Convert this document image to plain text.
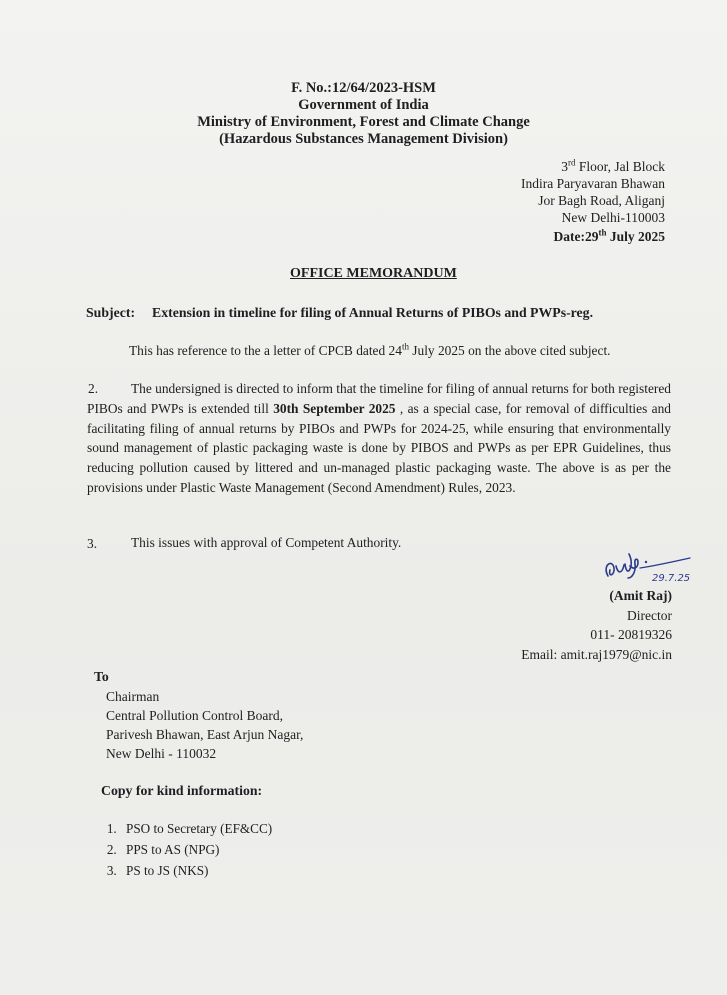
F. No.:12/64/2023-HSM
Government of India
Ministry of Environment, Forest and Climate Change
(Hazardous Substances Management Division)
3rd Floor, Jal Block
Indira Paryavaran Bhawan
Jor Bagh Road, Aliganj
New Delhi-110003
Date:29th July 2025
OFFICE MEMORANDUM
Subject: Extension in timeline for filing of Annual Returns of PIBOs and PWPs-reg.
This has reference to the a letter of CPCB dated 24th July 2025 on the above cited subject.
2. The undersigned is directed to inform that the timeline for filing of annual returns for both registered PIBOs and PWPs is extended till 30th September 2025 , as a special case, for removal of difficulties and facilitating filing of annual returns by PIBOs and PWPs for 2024-25, while ensuring that environmentally sound management of plastic packaging waste is done by PIBOS and PWPs as per EPR Guidelines, thus reducing pollution caused by littered and un-managed plastic packaging waste. The above is as per the provisions under Plastic Waste Management (Second Amendment) Rules, 2023.
3.	This issues with approval of Competent Authority.
29.7.25
(Amit Raj)
Director
011- 20819326
Email: amit.raj1979@nic.in
To
Chairman
Central Pollution Control Board,
Parivesh Bhawan, East Arjun Nagar,
New Delhi - 110032
Copy for kind information:
1. PSO to Secretary (EF&CC)
2. PPS to AS (NPG)
3. PS to JS (NKS)
